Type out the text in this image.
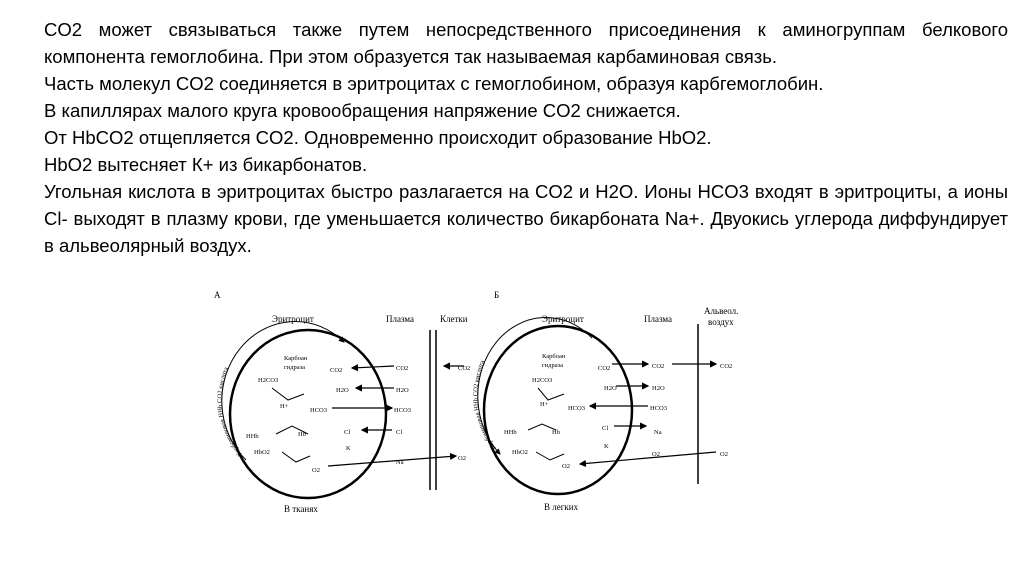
CO2 может связываться также путем непосредственного присоединения к аминогруппам белкового компонента гемоглобина. При этом образуется так называемая карбаминовая связь.

Часть молекул CO2 соединяется в эритроцитах с гемоглобином, образуя карбгемоглобин.

В капиллярах малого круга кровообращения напряжение CO2 снижается.

От HbCO2 отщепляется CO2. Одновременно происходит образование HbO2.

HbO2 вытесняет К+ из бикарбонатов.

Угольная кислота в эритроцитах быстро разлагается на CO2 и H2O. Ионы HCO3 входят в эритроциты, а ионы Cl- выходят в плазму крови, где уменьшается количество бикарбоната Na+. Двуокись углерода диффундирует в альвеолярный воздух.

А
Эритроцит	Плазма	Клетки
Карбоминовая HHb CO2 кислота
Карбоан
гидраза
H2CO3
CO2
H2O
HCO3
H+
HHb	Hb
HbO2
Cl
K
O2
CO2
H2O
HCO3
Cl
Na
CO2
O2
В тканях
Б
Эритроцит	Плазма
Альвеол.
воздух
Карбоминовая HHb CO2 кислота
Карбоан
гидраза
H2CO3
CO2
H2O
HCO3
H+
HHb	Hb
HbO2
Cl
K
O2
CO2
H2O
HCO3
Na
O2
CO2
O2
В легких
